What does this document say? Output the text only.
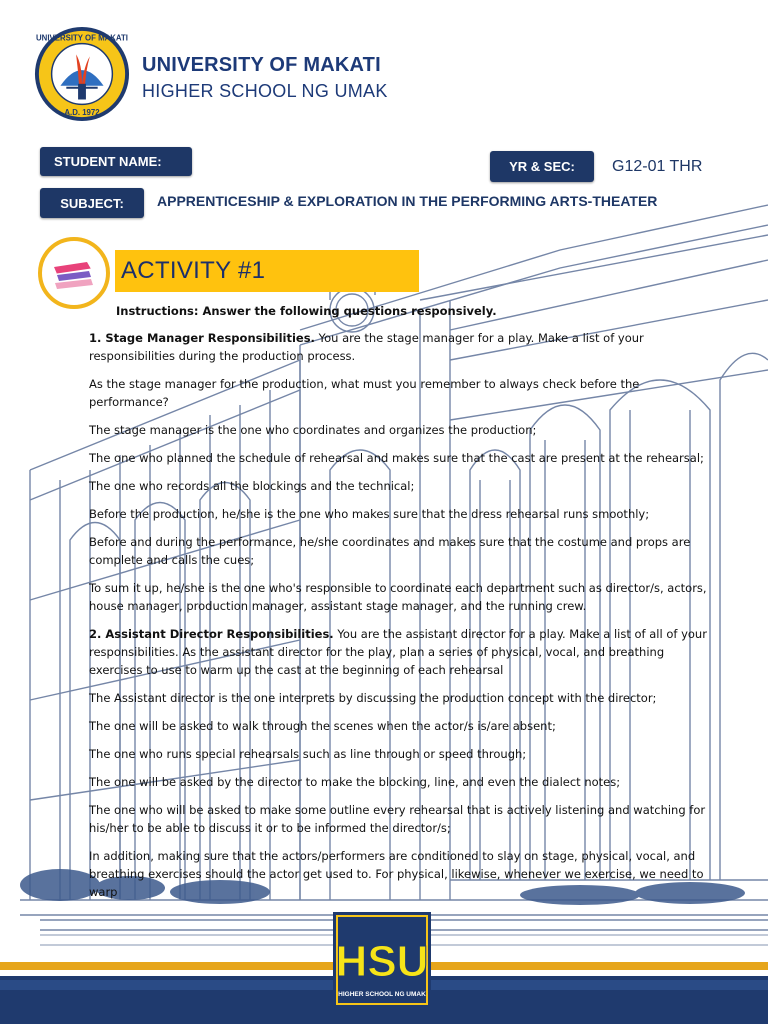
UNIVERSITY OF MAKATI
A.D. 1972
UNIVERSITY OF MAKATI
HIGHER SCHOOL NG UMAK
STUDENT NAME:	YR & SEC:	G12-01 THR
SUBJECT:	APPRENTICESHIP & EXPLORATION IN THE PERFORMING ARTS-THEATER
ACTIVITY #1

Instructions: Answer the following questions responsively.

1. Stage Manager Responsibilities. You are the stage manager for a play. Make a list of your responsibilities during the production process.

As the stage manager for the production, what must you remember to always check before the performance?

The stage manager is the one who coordinates and organizes the production;

The one who planned the schedule of rehearsal and makes sure that the cast are present at the rehearsal;

The one who records all the blockings and the technical;

Before the production, he/she is the one who makes sure that the dress rehearsal runs smoothly;

Before and during the performance, he/she coordinates and makes sure that the costume and props are complete and calls the cues;

To sum it up, he/she is the one who's responsible to coordinate each department such as director/s, actors, house manager, production manager, assistant stage manager, and the running crew.

2. Assistant Director Responsibilities. You are the assistant director for a play. Make a list of all of your responsibilities. As the assistant director for the play, plan a series of physical, vocal, and breathing exercises to use to warm up the cast at the beginning of each rehearsal

The Assistant director is the one interprets by discussing the production concept with the director;

The one will be asked to walk through the scenes when the actor/s is/are absent;

The one who runs special rehearsals such as line through or speed through;

The one will be asked by the director to make the blocking, line, and even the dialect notes;

The one who will be asked to make some outline every rehearsal that is actively listening and watching for his/her to be able to discuss it or to be informed the director/s;

In addition, making sure that the actors/performers are conditioned to slay on stage, physical, vocal, and breathing exercises should the actor get used to. For physical, likewise, whenever we exercise, we need to warp

HSU
HIGHER SCHOOL NG UMAK
